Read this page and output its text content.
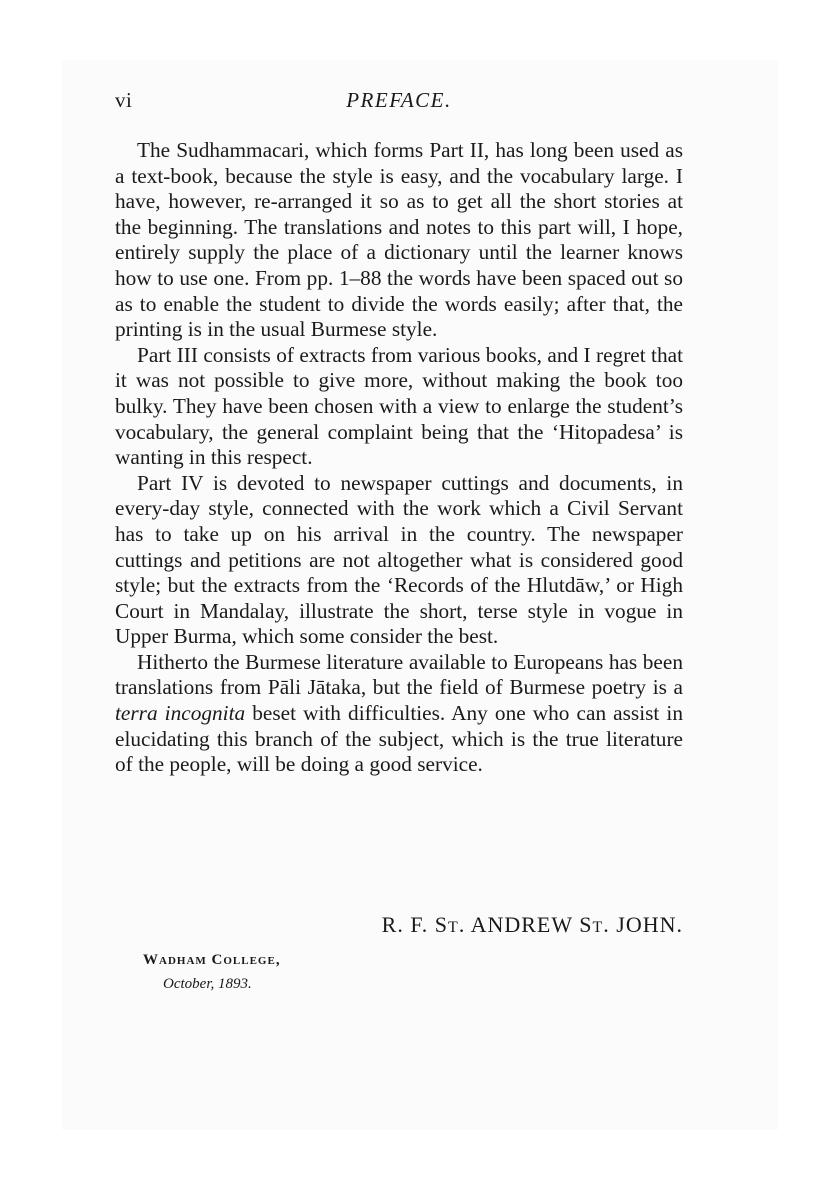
vi	PREFACE.

The Sudhammacari, which forms Part II, has long been used as a text-book, because the style is easy, and the vocabulary large. I have, however, re-arranged it so as to get all the short stories at the beginning. The translations and notes to this part will, I hope, entirely supply the place of a dictionary until the learner knows how to use one. From pp. 1–88 the words have been spaced out so as to enable the student to divide the words easily; after that, the printing is in the usual Burmese style.

Part III consists of extracts from various books, and I regret that it was not possible to give more, without making the book too bulky. They have been chosen with a view to enlarge the student’s vocabulary, the general complaint being that the ‘Hitopadesa’ is wanting in this respect.

Part IV is devoted to newspaper cuttings and documents, in every-day style, connected with the work which a Civil Servant has to take up on his arrival in the country. The newspaper cuttings and petitions are not altogether what is considered good style; but the extracts from the ‘Records of the Hlutdāw,’ or High Court in Mandalay, illustrate the short, terse style in vogue in Upper Burma, which some consider the best.

Hitherto the Burmese literature available to Europeans has been translations from Pāli Jātaka, but the field of Burmese poetry is a terra incognita beset with difficulties. Any one who can assist in elucidating this branch of the subject, which is the true literature of the people, will be doing a good service.

R. F. ST. ANDREW ST. JOHN.
Wadham College,
October, 1893.
